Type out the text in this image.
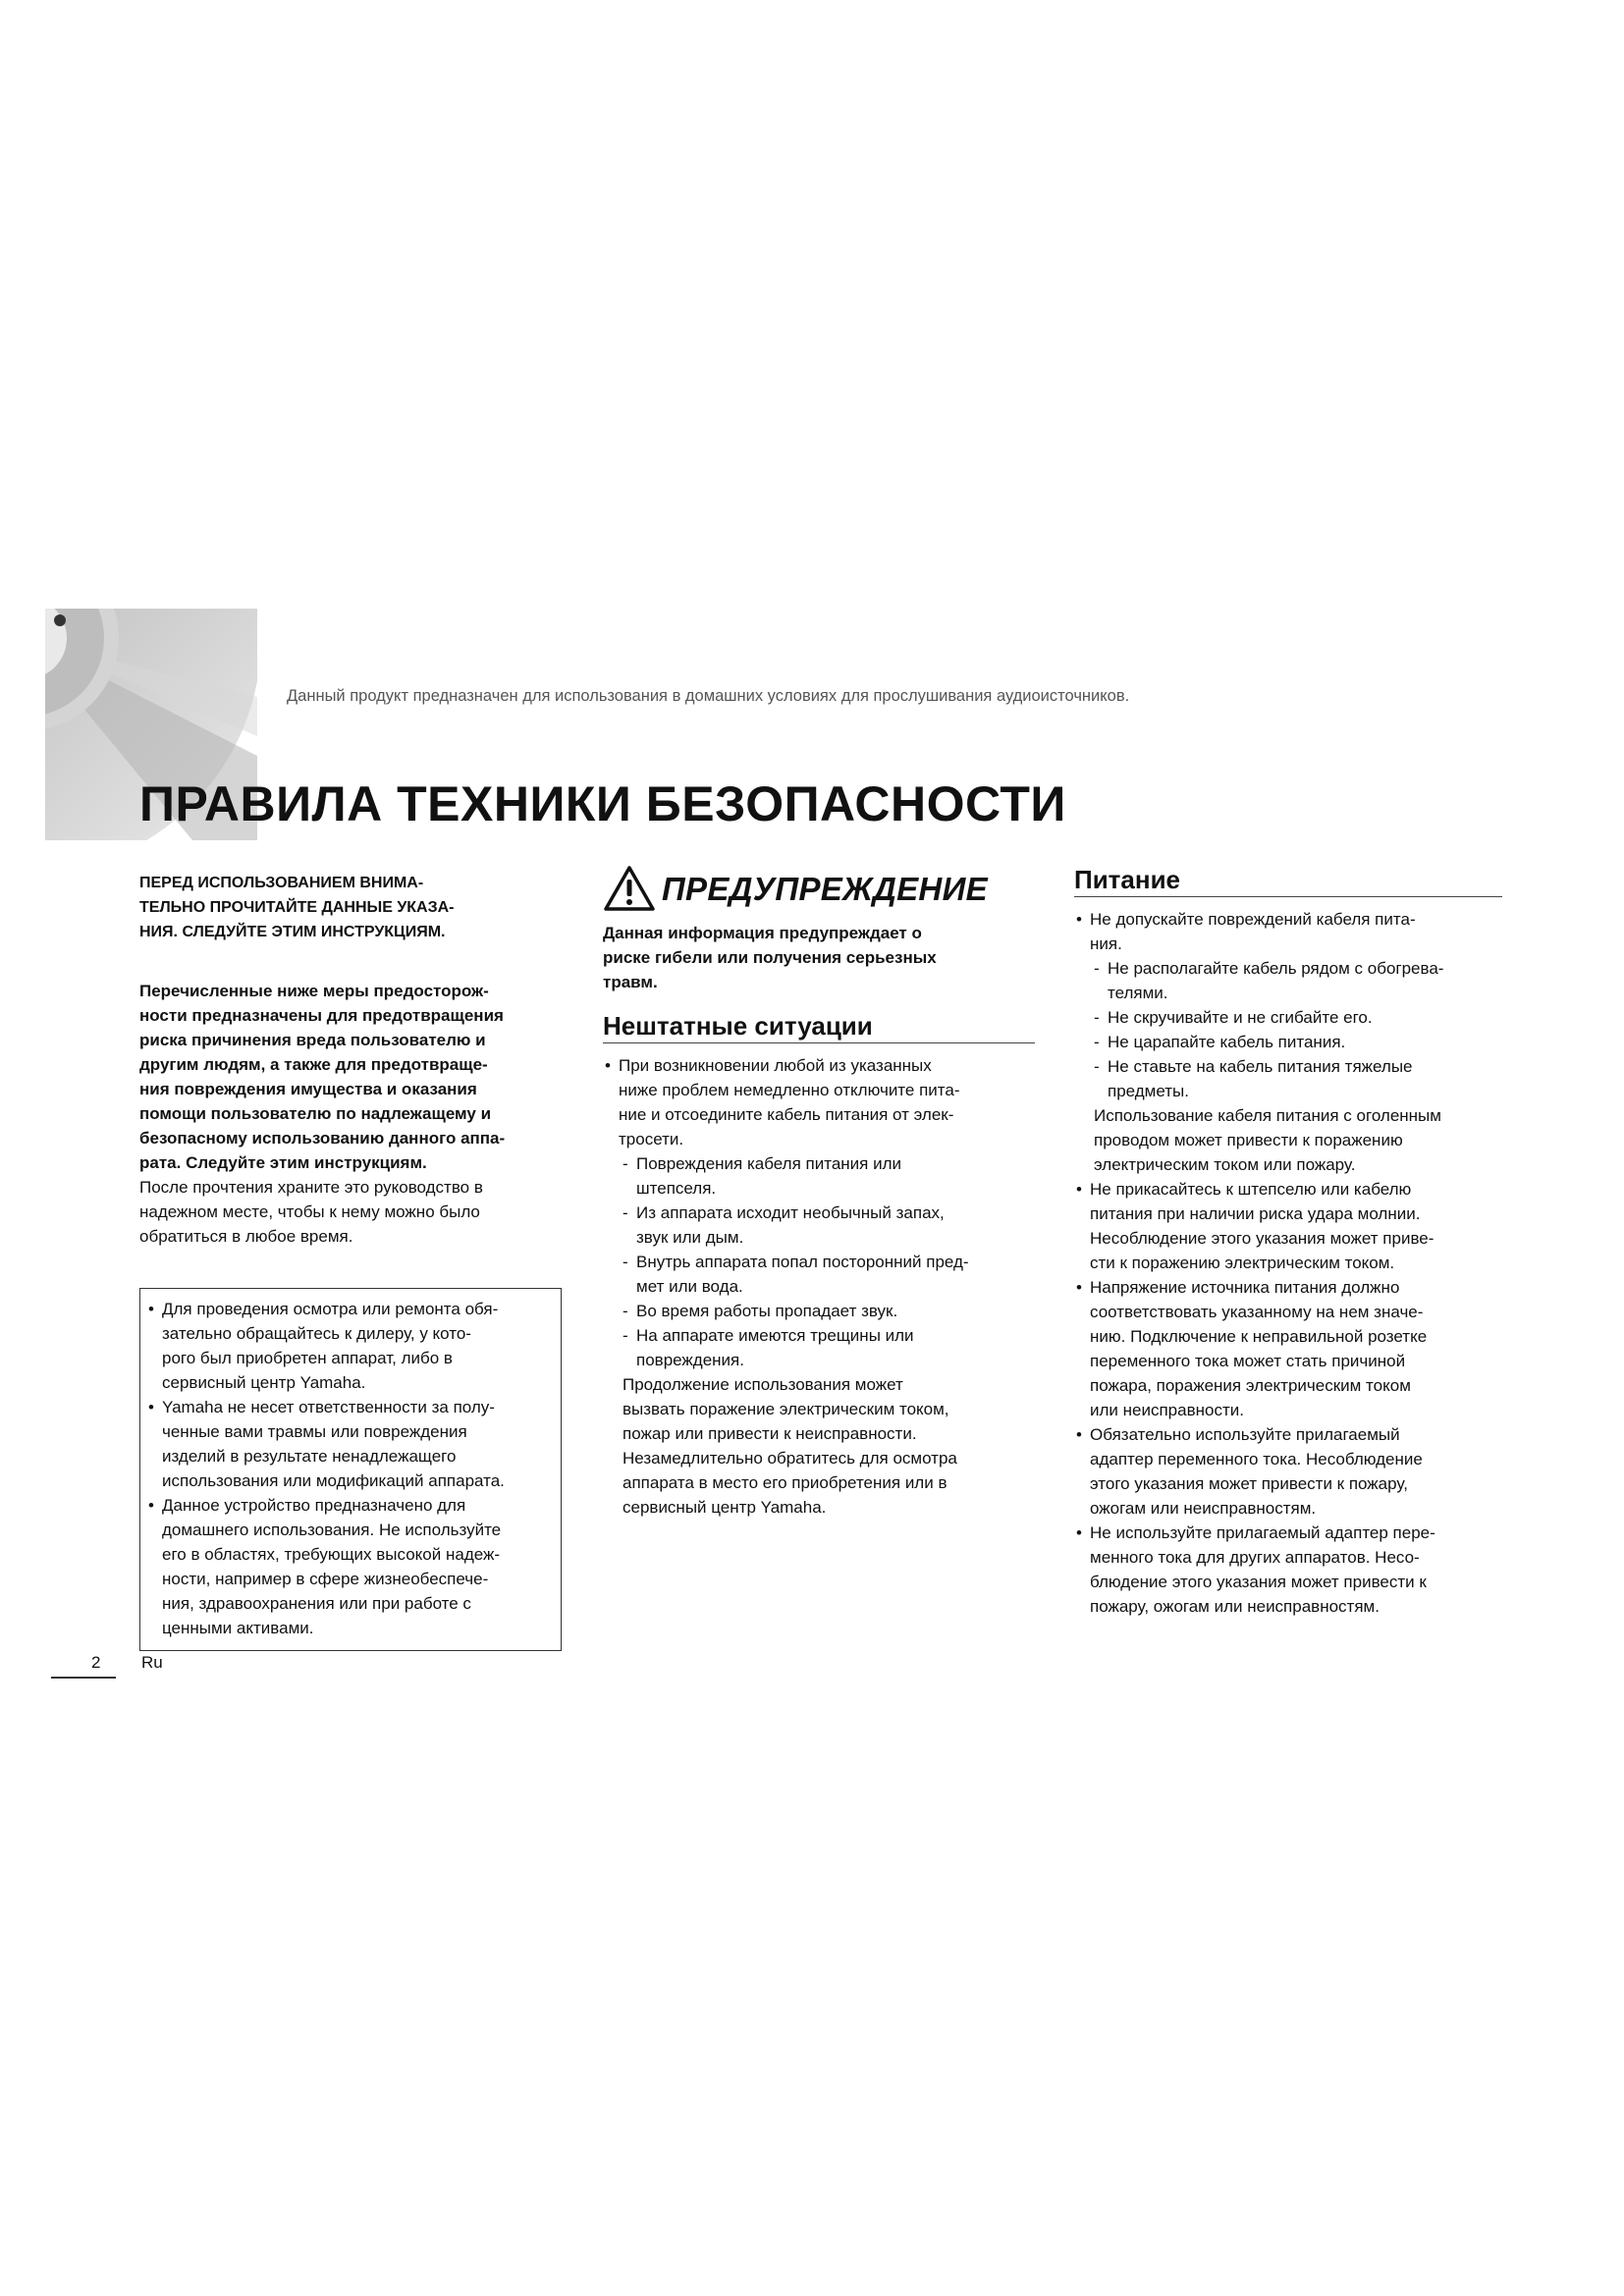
Данный продукт предназначен для использования в домашних условиях для прослушивания аудиоисточников.
ПРАВИЛА ТЕХНИКИ БЕЗОПАСНОСТИ

ПЕРЕД ИСПОЛЬЗОВАНИЕМ ВНИМА-
ТЕЛЬНО ПРОЧИТАЙТЕ ДАННЫЕ УКАЗА-
НИЯ. СЛЕДУЙТЕ ЭТИМ ИНСТРУКЦИЯМ.

Перечисленные ниже меры предосторож-
ности предназначены для предотвращения
риска причинения вреда пользователю и
другим людям, а также для предотвраще-
ния повреждения имущества и оказания
помощи пользователю по надлежащему и
безопасному использованию данного аппа-
рата. Следуйте этим инструкциям.

После прочтения храните это руководство в
надежном месте, чтобы к нему можно было
обратиться в любое время.

• Для проведения осмотра или ремонта обя-
зательно обращайтесь к дилеру, у кото-
рого был приобретен аппарат, либо в
сервисный центр Yamaha.

• Yamaha не несет ответственности за полу-
ченные вами травмы или повреждения
изделий в результате ненадлежащего
использования или модификаций аппарата.

• Данное устройство предназначено для
домашнего использования. Не используйте
его в областях, требующих высокой надеж-
ности, например в сфере жизнеобеспече-
ния, здравоохранения или при работе с
ценными активами.

ПРЕДУПРЕЖДЕНИЕ

Данная информация предупреждает о
риске гибели или получения серьезных
травм.

Нештатные ситуации

• При возникновении любой из указанных
ниже проблем немедленно отключите пита-
ние и отсоедините кабель питания от элек-
тросети.

- Повреждения кабеля питания или
штепселя.

- Из аппарата исходит необычный запах,
звук или дым.

- Внутрь аппарата попал посторонний пред-
мет или вода.

- Во время работы пропадает звук.

- На аппарате имеются трещины или
повреждения.

Продолжение использования может
вызвать поражение электрическим током,
пожар или привести к неисправности.
Незамедлительно обратитесь для осмотра
аппарата в место его приобретения или в
сервисный центр Yamaha.

Питание

• Не допускайте повреждений кабеля пита-
ния.

- Не располагайте кабель рядом с обогрева-
телями.

- Не скручивайте и не сгибайте его.

- Не царапайте кабель питания.

- Не ставьте на кабель питания тяжелые
предметы.

Использование кабеля питания с оголенным
проводом может привести к поражению
электрическим током или пожару.

• Не прикасайтесь к штепселю или кабелю
питания при наличии риска удара молнии.
Несоблюдение этого указания может приве-
сти к поражению электрическим током.

• Напряжение источника питания должно
соответствовать указанному на нем значе-
нию. Подключение к неправильной розетке
переменного тока может стать причиной
пожара, поражения электрическим током
или неисправности.

• Обязательно используйте прилагаемый
адаптер переменного тока. Несоблюдение
этого указания может привести к пожару,
ожогам или неисправностям.

• Не используйте прилагаемый адаптер пере-
менного тока для других аппаратов. Несо-
блюдение этого указания может привести к
пожару, ожогам или неисправностям.

2 Ru
